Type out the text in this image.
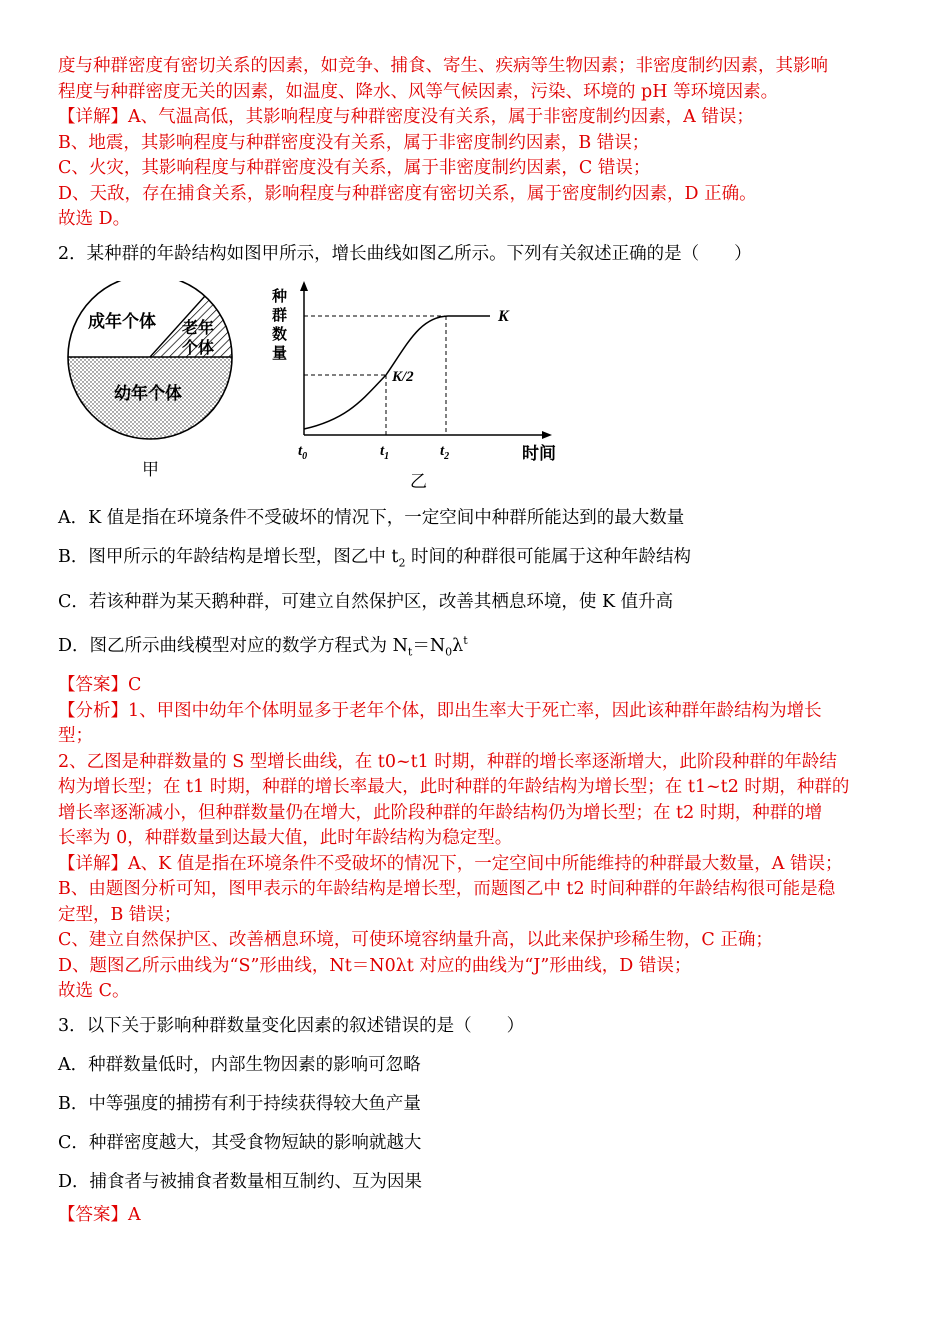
度与种群密度有密切关系的因素，如竞争、捕食、寄生、疾病等生物因素；非密度制约因素，其影响
程度与种群密度无关的因素，如温度、降水、风等气候因素，污染、环境的 pH 等环境因素。
【详解】A、气温高低，其影响程度与种群密度没有关系，属于非密度制约因素，A 错误；
B、地震，其影响程度与种群密度没有关系，属于非密度制约因素，B 错误；
C、火灾，其影响程度与种群密度没有关系，属于非密度制约因素，C 错误；
D、天敌，存在捕食关系，影响程度与种群密度有密切关系，属于密度制约因素，D 正确。
故选 D。
2．某种群的年龄结构如图甲所示，增长曲线如图乙所示。下列有关叙述正确的是（　　）
成年个体 老年
个体
幼年个体
甲
种
群
数
量
K
K/2
$t_0$	$t_1$	$t_2$	时间
乙
A．K 值是指在环境条件不受破坏的情况下，一定空间中种群所能达到的最大数量
B．图甲所示的年龄结构是增长型，图乙中 $t_2$ 时间的种群很可能属于这种年龄结构
C．若该种群为某天鹅种群，可建立自然保护区，改善其栖息环境，使 K 值升高
D．图乙所示曲线模型对应的数学方程式为 $N_t=N_0\lambda^t$
【答案】C
【分析】1、甲图中幼年个体明显多于老年个体，即出生率大于死亡率，因此该种群年龄结构为增长
型；
2、乙图是种群数量的 S 型增长曲线，在 t0~t1 时期，种群的增长率逐渐增大，此阶段种群的年龄结
构为增长型；在 t1 时期，种群的增长率最大，此时种群的年龄结构为增长型；在 t1~t2 时期，种群的
增长率逐渐减小，但种群数量仍在增大，此阶段种群的年龄结构仍为增长型；在 t2 时期，种群的增
长率为 0，种群数量到达最大值，此时年龄结构为稳定型。
【详解】A、K 值是指在环境条件不受破坏的情况下，一定空间中所能维持的种群最大数量，A 错误；
B、由题图分析可知，图甲表示的年龄结构是增长型，而题图乙中 t2 时间种群的年龄结构很可能是稳
定型，B 错误；
C、建立自然保护区、改善栖息环境，可使环境容纳量升高，以此来保护珍稀生物，C 正确；
D、题图乙所示曲线为“S”形曲线，Nt＝N0λt 对应的曲线为“J”形曲线，D 错误；
故选 C。
3．以下关于影响种群数量变化因素的叙述错误的是（　　）
A．种群数量低时，内部生物因素的影响可忽略
B．中等强度的捕捞有利于持续获得较大鱼产量
C．种群密度越大，其受食物短缺的影响就越大
D．捕食者与被捕食者数量相互制约、互为因果
【答案】A
